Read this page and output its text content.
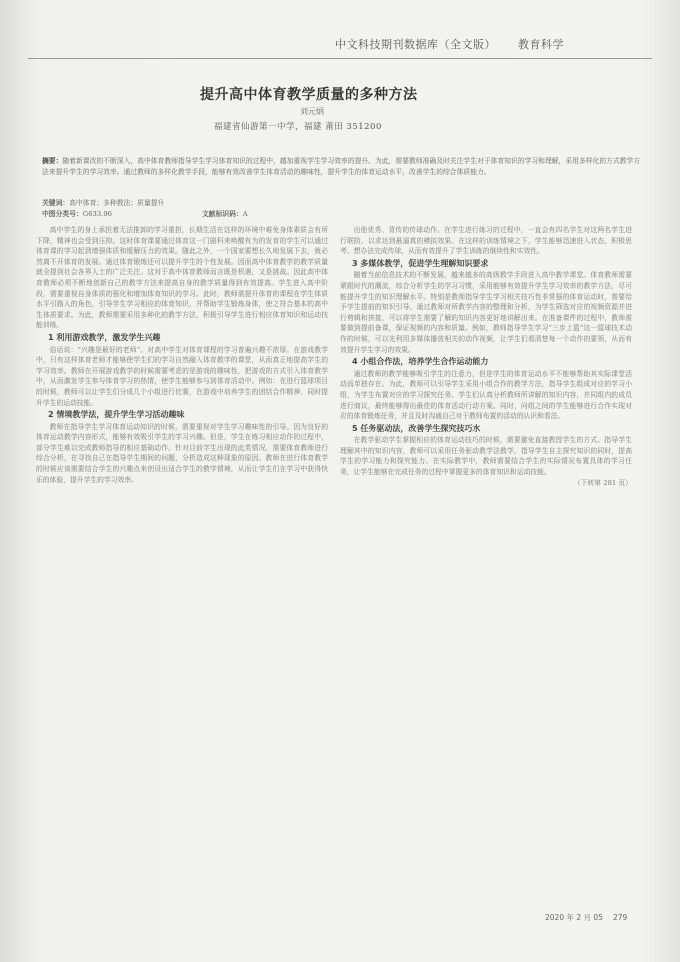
中文科技期刊数据库（全文版） 教育科学
提升高中体育教学质量的多种方法
刘元炳
福建省仙游第一中学，福建 莆田 351200
摘要：随着新课改的不断深入，高中体育教师指导学生学习体育知识的过程中，越加重视学生学习效率的提升。为此，需要教师准确及时关注学生对于体育知识的学习和理解，采用多样化的方式教学方法来提升学生的学习效率。通过教师的多样化教学手段，能够有效改善学生体育活动的趣味性，提升学生的体育运动水平，改善学生的综合体质能力。
关键词：高中体育；多种教法；质量提升
中图分类号：G633.96	文献标识码：A

高中学生的身上承担着无法推卸的学习重担，长期生活在这样的环境中难免身体素质会有所下降，精神也会受到压抑。这时体育课要通过体育这一门剧科来唤醒有为的发育的学生可以通过体育课的学习起到增强体质和缓解压力的效果。随此之外，一个国家要想长久地发展下去，就必然离不开体育的发展。通过体育锻炼还可以提升学生的个性发展。因而高中体育教学的教学质量就全提到社会各界人士的广泛关注。这对于高中体育教师而言既是机遇，又是挑战。因此高中体育教师必须不断地创新自己的教学方法来提高自身的教学质量得到有效提高。学生进入高中阶段，需要重视自身体质的强化和增加体育知识的学习。此时，教师需提升体育的课程在学生体质水平引路人的角色，引导学生学习相应的体育知识，并帮助学生锻炼身体，使之符合基本的高中生体质要求。为此，教师需要采用多种化的教学方法，积极引导学生进行相应体育知识和运动技能训练。

1 利用游戏教学，激发学生兴趣

俗话说：“兴趣是最好的老师”。对高中学生对体育课程的学习普遍兴趣不浓厚。在游戏教学中，只有这样体育老师才能够使学生们的学习自然融入体育教学的课堂，从而真正地提高学生的学习效率。教师在开展游戏教学的时候需要考虑的是游戏的趣味性，把游戏的方式引入体育教学中，从而激发学生参与体育学习的热情，使学生能够参与到体育活动中。例如：在进行篮球项目的时候，教师可以让学生们分成几个小组进行比赛，在游戏中培养学生的团结合作精神，同时提升学生的运动技能。

2 情境教学法，提升学生学习活动趣味

教师在指导学生学习体育运动知识的时候，需要重视对学生学习趣味性的引导。因为良好的体育运动教学内容形式，能够有效吸引学生的学习兴趣。但是，学生在练习相应动作的过程中，部分学生难以完成教师指导的相应基础动作。针对目前学生出现的此类情况，需要体育教师进行综合分析，在寻找自己在指导学生期间的问题，分析造成这种现象的原因。教师在进行体育教学的时候应该需要结合学生的兴趣点来创设出适合学生的教学情境，从而让学生们在学习中获得快乐的体验，提升学生的学习效率。

出他优秀、背传的传球动作。在学生进行练习的过程中，一直会有四名学生对这两名学生进行联防，以求达到最逼真的模拟效果。在这样的训练情境之下，学生能够迅速进入状态，积极思考、想办法完成传球，从而有效提升了学生训练的继续性和实效性。

3 多媒体教学，促进学生理解知识要求

随着当前信息技术的不断发展，越来越多的高级教学手段进入高中教学课堂。体育教师需要紧跟时代的潮流，综合分析学生的学习习惯，采用能够有效提升学生学习效率的教学方法，尽可能提升学生的知识理解水平。特别是教师指导学生学习相关技巧性非常强的体育运动时，需要给予学生提前的知识引导。通过教师对所教学内容的整理和分析，为学生筛选对应的视频资源并进行剪辑和拼接，可以将学生需要了解的知识内容更好地讲解出来。在准备课件的过程中，教师需要做到提前备课，保证视频的内容和质量。例如，教师指导学生学习“三步上篮”这一篮球技术动作的时候，可以先利用多媒体播放相关的动作视频，让学生们看清楚每一个动作的要领，从而有效提升学生学习的效果。

4 小组合作法，培养学生合作运动能力

通过教师的教学能够吸引学生的注意力，但是学生的体育运动水平不能够帮助其实际课堂活动而单独存在。为此，教师可以引导学生采用小组合作的教学方法，指导学生组成对应的学习小组，为学生布置对应的学习探究任务。学生们认真分析教师所讲解的知识内容，并同组内的成员进行商议，最终能够得出最佳的体育活动行动方案。同时，问组之间的学生能够进行合作实现对应的体育锻炼任务，并且及时沟通自己对于教师布置的活动的认识和看法。

5 任务驱动法，改善学生探究技巧水

在教学驱动学生掌握相应的体育运动技巧的时候，需要避免直接教授学生的方式。指导学生理解其中的知识内容，教师可以采用任务驱动教学法教学，指导学生自主探究知识的同时，提高学生的学习能力和探究能力。在实际教学中，教师需要结合学生的实际情况布置具体的学习任务，让学生能够在完成任务的过程中掌握更多的体育知识和运动技能。

（下转第 281 页）
2020 年 2 月 05 279
